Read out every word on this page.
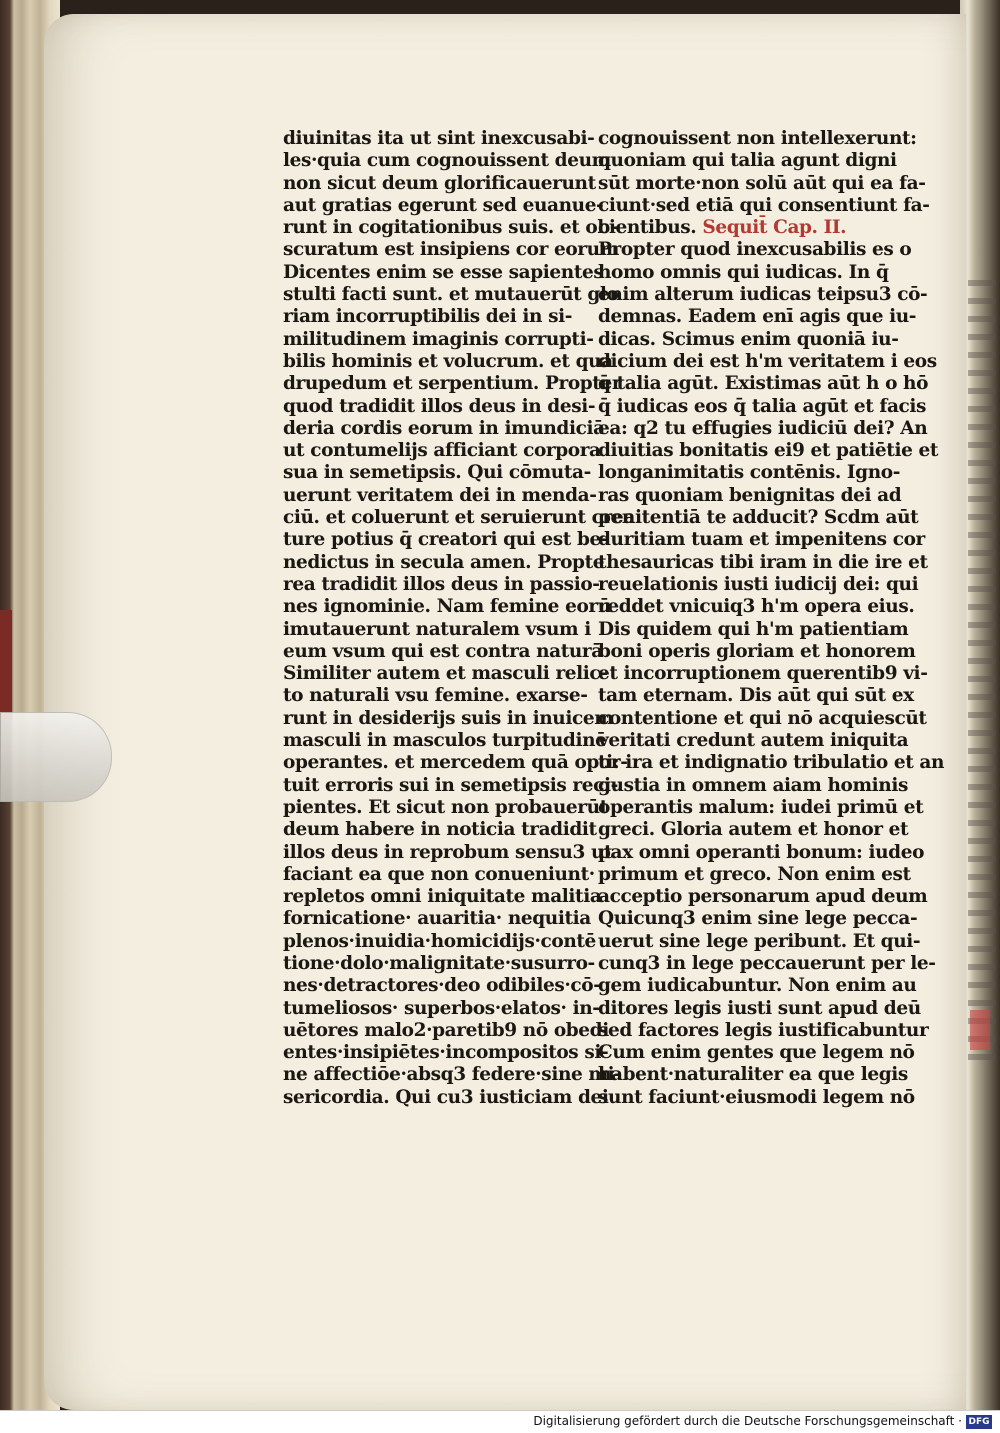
diuinitas ita ut sint inexcusabi-
les·quia cum cognouissent deum
non sicut deum glorificauerunt
aut gratias egerunt sed euanue-
runt in cogitationibus suis. et ob-
scuratum est insipiens cor eorum
Dicentes enim se esse sapientes
stulti facti sunt. et mutauerūt glo
riam incorruptibilis dei in si-
militudinem imaginis corrupti-
bilis hominis et volucrum. et qua
drupedum et serpentium. Propter
quod tradidit illos deus in desi-
deria cordis eorum in imundiciā
ut contumelijs afficiant corpora
sua in semetipsis. Qui cōmuta-
uerunt veritatem dei in menda-
ciū. et coluerunt et seruierunt crea
ture potius q̄ creatori qui est be-
nedictus in secula amen. Propte
rea tradidit illos deus in passio-
nes ignominie. Nam femine eorū
imutauerunt naturalem vsum i
eum vsum qui est contra naturā
Similiter autem et masculi relic-
to naturali vsu femine. exarse-
runt in desiderijs suis in inuicem
masculi in masculos turpitudinē
operantes. et mercedem quā opor-
tuit erroris sui in semetipsis reci-
pientes. Et sicut non probauerūt
deum habere in noticia tradidit
illos deus in reprobum sensu3 ut
faciant ea que non conueniunt·
repletos omni iniquitate malitia
fornicatione· auaritia· nequitia
plenos·inuidia·homicidijs·contē
tione·dolo·malignitate·susurro-
nes·detractores·deo odibiles·cō-
tumeliosos· superbos·elatos· in-
uētores malo2·paretib9 nō obedi
entes·insipiētes·incompositos si-
ne affectiōe·absq3 federe·sine mi-
sericordia. Qui cu3 iusticiam dei
cognouissent non intellexerunt:
quoniam qui talia agunt digni
sūt morte·non solū aūt qui ea fa-
ciunt·sed etiā qui consentiunt fa-
cientibus. Sequit̄ Cap. II.
Propter quod inexcusabilis es o
homo omnis qui iudicas. In q̄
enim alterum iudicas teipsu3 cō-
demnas. Eadem enī agis que iu-
dicas. Scimus enim quoniā iu-
dicium dei est h'm veritatem i eos
q̄ talia agūt. Existimas aūt h o hō
q̄ iudicas eos q̄ talia agūt et facis
ea: q2 tu effugies iudiciū dei? An
diuitias bonitatis ei9 et patiētie et
longanimitatis contēnis. Igno-
ras quoniam benignitas dei ad
penitentiā te adducit? Scdm aūt
duritiam tuam et impenitens cor
thesauricas tibi iram in die ire et
reuelationis iusti iudicij dei: qui
reddet vnicuiq3 h'm opera eius.
Dis quidem qui h'm patientiam
boni operis gloriam et honorem
et incorruptionem querentib9 vi-
tam eternam. Dis aūt qui sūt ex
contentione et qui nō acquiescūt
veritati credunt autem iniquita
ti: ira et indignatio tribulatio et an
gustia in omnem aiam hominis
operantis malum: iudei primū et
greci. Gloria autem et honor et
pax omni operanti bonum: iudeo
primum et greco. Non enim est
acceptio personarum apud deum
Quicunq3 enim sine lege pecca-
uerut sine lege peribunt. Et qui-
cunq3 in lege peccauerunt per le-
gem iudicabuntur. Non enim au
ditores legis iusti sunt apud deū
sed factores legis iustificabuntur
Cum enim gentes que legem nō
habent·naturaliter ea que legis
sunt faciunt·eiusmodi legem nō
Digitalisierung gefördert durch die Deutsche Forschungsgemeinschaft · DFG
